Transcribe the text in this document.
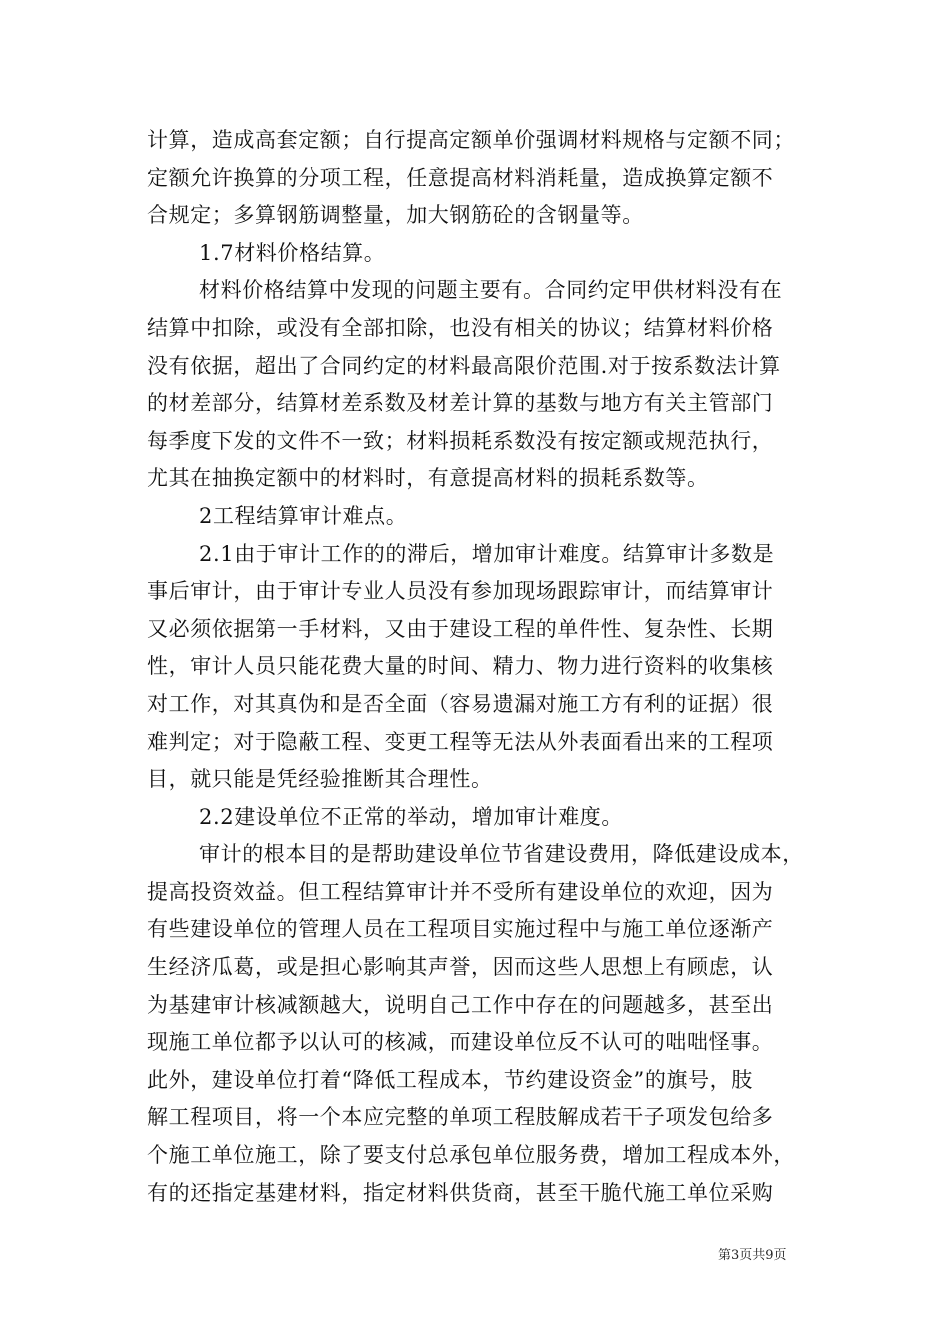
计算，造成高套定额；自行提高定额单价强调材料规格与定额不同；
定额允许换算的分项工程，任意提高材料消耗量，造成换算定额不
合规定；多算钢筋调整量，加大钢筋砼的含钢量等。
1.7材料价格结算。
材料价格结算中发现的问题主要有。合同约定甲供材料没有在
结算中扣除，或没有全部扣除，也没有相关的协议；结算材料价格
没有依据，超出了合同约定的材料最高限价范围.对于按系数法计算
的材差部分，结算材差系数及材差计算的基数与地方有关主管部门
每季度下发的文件不一致；材料损耗系数没有按定额或规范执行，
尤其在抽换定额中的材料时，有意提高材料的损耗系数等。
2工程结算审计难点。
2.1由于审计工作的的滞后，增加审计难度。结算审计多数是
事后审计，由于审计专业人员没有参加现场跟踪审计，而结算审计
又必须依据第一手材料，又由于建设工程的单件性、复杂性、长期
性，审计人员只能花费大量的时间、精力、物力进行资料的收集核
对工作，对其真伪和是否全面（容易遗漏对施工方有利的证据）很
难判定；对于隐蔽工程、变更工程等无法从外表面看出来的工程项
目，就只能是凭经验推断其合理性。
2.2建设单位不正常的举动，增加审计难度。
审计的根本目的是帮助建设单位节省建设费用，降低建设成本，
提高投资效益。但工程结算审计并不受所有建设单位的欢迎，因为
有些建设单位的管理人员在工程项目实施过程中与施工单位逐渐产
生经济瓜葛，或是担心影响其声誉，因而这些人思想上有顾虑，认
为基建审计核减额越大，说明自己工作中存在的问题越多，甚至出
现施工单位都予以认可的核减，而建设单位反不认可的咄咄怪事。
此外，建设单位打着“降低工程成本，节约建设资金”的旗号，肢
解工程项目，将一个本应完整的单项工程肢解成若干子项发包给多
个施工单位施工，除了要支付总承包单位服务费，增加工程成本外，
有的还指定基建材料，指定材料供货商，甚至干脆代施工单位采购
第3页共9页
